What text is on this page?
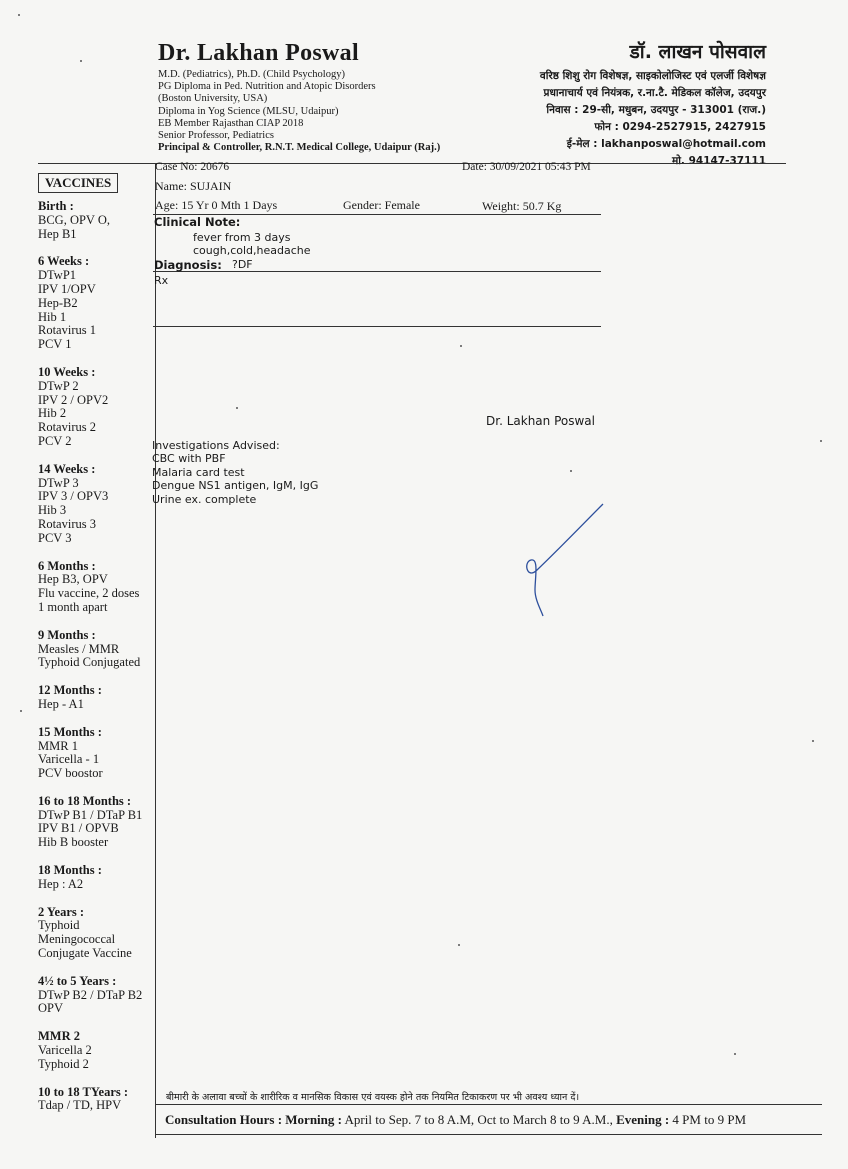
Dr. Lakhan Poswal
M.D. (Pediatrics), Ph.D. (Child Psychology)
PG Diploma in Ped. Nutrition and Atopic Disorders
(Boston University, USA)
Diploma in Yog Science (MLSU, Udaipur)
EB Member Rajasthan CIAP 2018
Senior Professor, Pediatrics
Principal & Controller, R.N.T. Medical College, Udaipur (Raj.)
डॉ. लाखन पोसवाल
वरिष्ठ शिशु रोग विशेषज्ञ, साइकोलोजिस्ट एवं एलर्जी विशेषज्ञ
प्रधानाचार्य एवं नियंत्रक, र.ना.टै. मेडिकल कॉलेज, उदयपुर
निवास : 29-सी, मधुबन, उदयपुर - 313001 (राज.)
फोन : 0294-2527915, 2427915
ई-मेल : lakhanposwal@hotmail.com
मो. 94147-37111
Case No: 20676	Date: 30/09/2021 05:43 PM
Name: SUJAIN
Age: 15 Yr 0 Mth 1 Days	Gender: Female	Weight: 50.7 Kg
Clinical Note:
fever from 3 days
cough,cold,headache
Diagnosis: ?DF
Rx
Dr. Lakhan Poswal
Investigations Advised:
CBC with PBF
Malaria card test
Dengue NS1 antigen, IgM, IgG
Urine ex. complete
VACCINES
Birth :
BCG, OPV O,
Hep B1
6 Weeks :
DTwP1
IPV 1/OPV
Hep-B2
Hib 1
Rotavirus 1
PCV 1
10 Weeks :
DTwP 2
IPV 2 / OPV2
Hib 2
Rotavirus 2
PCV 2
14 Weeks :
DTwP 3
IPV 3 / OPV3
Hib 3
Rotavirus 3
PCV 3
6 Months :
Hep B3, OPV
Flu vaccine, 2 doses
1 month apart
9 Months :
Measles / MMR
Typhoid Conjugated
12 Months :
Hep - A1
15 Months :
MMR 1
Varicella - 1
PCV boostor
16 to 18 Months :
DTwP B1 / DTaP B1
IPV B1 / OPVB
Hib B booster
18 Months :
Hep : A2
2 Years :
Typhoid
Meningococcal
Conjugate Vaccine
4½ to 5 Years :
DTwP B2 / DTaP B2
OPV
MMR 2
Varicella 2
Typhoid 2
10 to 18 TYears :
Tdap / TD, HPV
बीमारी के अलावा बच्चों के शारीरिक व मानसिक विकास एवं वयस्क होने तक नियमित टिकाकरण पर भी अवश्य ध्यान दें।
Consultation Hours : Morning : April to Sep. 7 to 8 A.M, Oct to March 8 to 9 A.M., Evening : 4 PM to 9 PM
